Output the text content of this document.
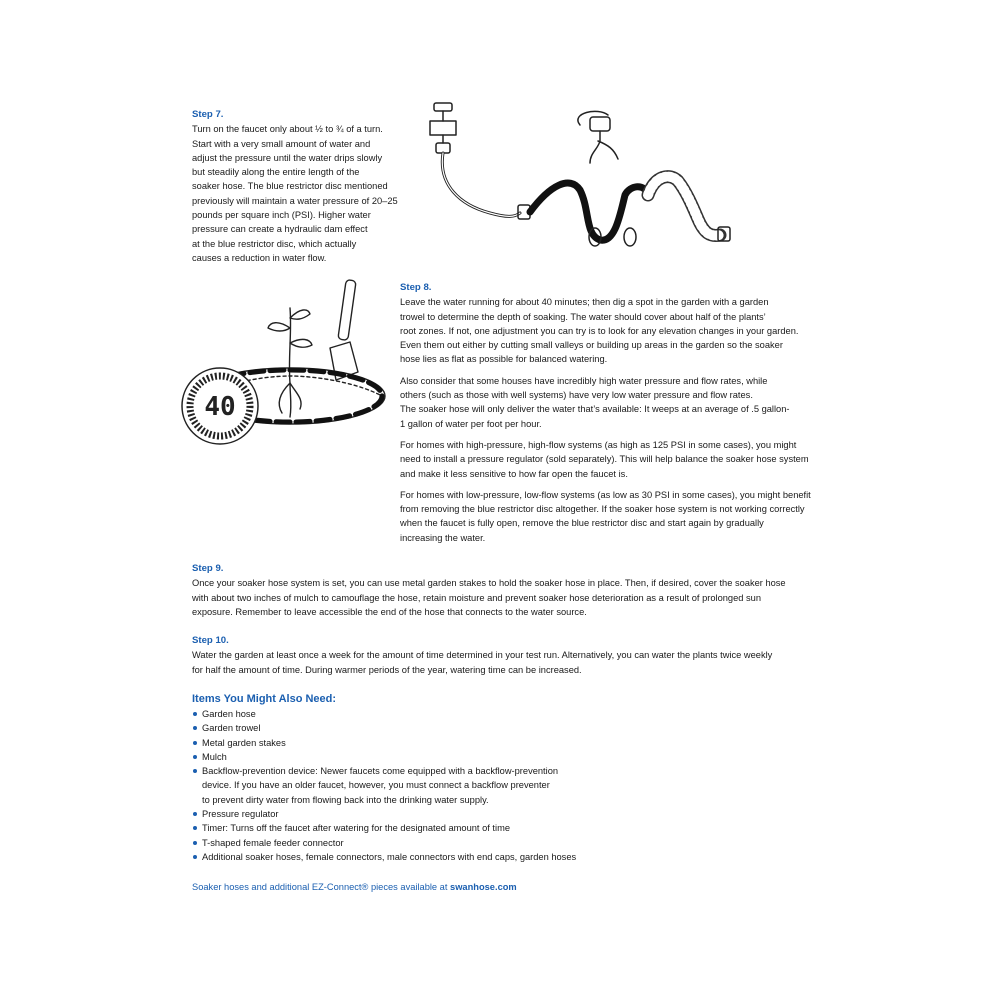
Step 7.
Turn on the faucet only about ½ to ¾ of a turn.
Start with a very small amount of water and
adjust the pressure until the water drips slowly
but steadily along the entire length of the
soaker hose. The blue restrictor disc mentioned
previously will maintain a water pressure of 20–25
pounds per square inch (PSI). Higher water
pressure can create a hydraulic dam effect
at the blue restrictor disc, which actually
causes a reduction in water flow.
40
Step 8.
Leave the water running for about 40 minutes; then dig a spot in the garden with a garden
trowel to determine the depth of soaking. The water should cover about half of the plants’
root zones. If not, one adjustment you can try is to look for any elevation changes in your garden.
Even them out either by cutting small valleys or building up areas in the garden so the soaker
hose lies as flat as possible for balanced watering.
Also consider that some houses have incredibly high water pressure and flow rates, while
others (such as those with well systems) have very low water pressure and flow rates.
The soaker hose will only deliver the water that’s available: It weeps at an average of .5 gallon-
1 gallon of water per foot per hour.
For homes with high-pressure, high-flow systems (as high as 125 PSI in some cases), you might
need to install a pressure regulator (sold separately). This will help balance the soaker hose system
and make it less sensitive to how far open the faucet is.
For homes with low-pressure, low-flow systems (as low as 30 PSI in some cases), you might benefit
from removing the blue restrictor disc altogether. If the soaker hose system is not working correctly
when the faucet is fully open, remove the blue restrictor disc and start again by gradually
increasing the water.
Step 9.
Once your soaker hose system is set, you can use metal garden stakes to hold the soaker hose in place. Then, if desired, cover the soaker hose
with about two inches of mulch to camouflage the hose, retain moisture and prevent soaker hose deterioration as a result of prolonged sun
exposure. Remember to leave accessible the end of the hose that connects to the water source.
Step 10.
Water the garden at least once a week for the amount of time determined in your test run. Alternatively, you can water the plants twice weekly
for half the amount of time. During warmer periods of the year, watering time can be increased.
Items You Might Also Need:
Garden hose
Garden trowel
Metal garden stakes
Mulch
Backflow-prevention device: Newer faucets come equipped with a backflow-prevention
device. If you have an older faucet, however, you must connect a backflow preventer
to prevent dirty water from flowing back into the drinking water supply.
Pressure regulator
Timer: Turns off the faucet after watering for the designated amount of time
T-shaped female feeder connector
Additional soaker hoses, female connectors, male connectors with end caps, garden hoses
Soaker hoses and additional EZ-Connect® pieces available at swanhose.com
